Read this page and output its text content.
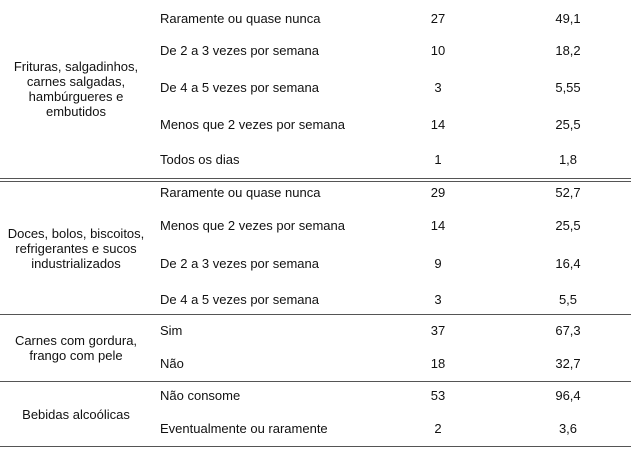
Frituras, salgadinhos,
carnes salgadas,
hambúrgueres e
embutidos
Raramente ou quase nunca	27	49,1
De 2 a 3 vezes por semana	10	18,2
De 4 a 5 vezes por semana	3	5,55
Menos que 2 vezes por semana	14	25,5
Todos os dias	1	1,8
Doces, bolos, biscoitos,
refrigerantes e sucos
industrializados
Raramente ou quase nunca	29	52,7
Menos que 2 vezes por semana	14	25,5
De 2 a 3 vezes por semana	9	16,4
De 4 a 5 vezes por semana	3	5,5
Carnes com gordura,
frango com pele
Sim	37	67,3
Não	18	32,7
Bebidas alcoólicas
Não consome	53	96,4
Eventualmente ou raramente	2	3,6
